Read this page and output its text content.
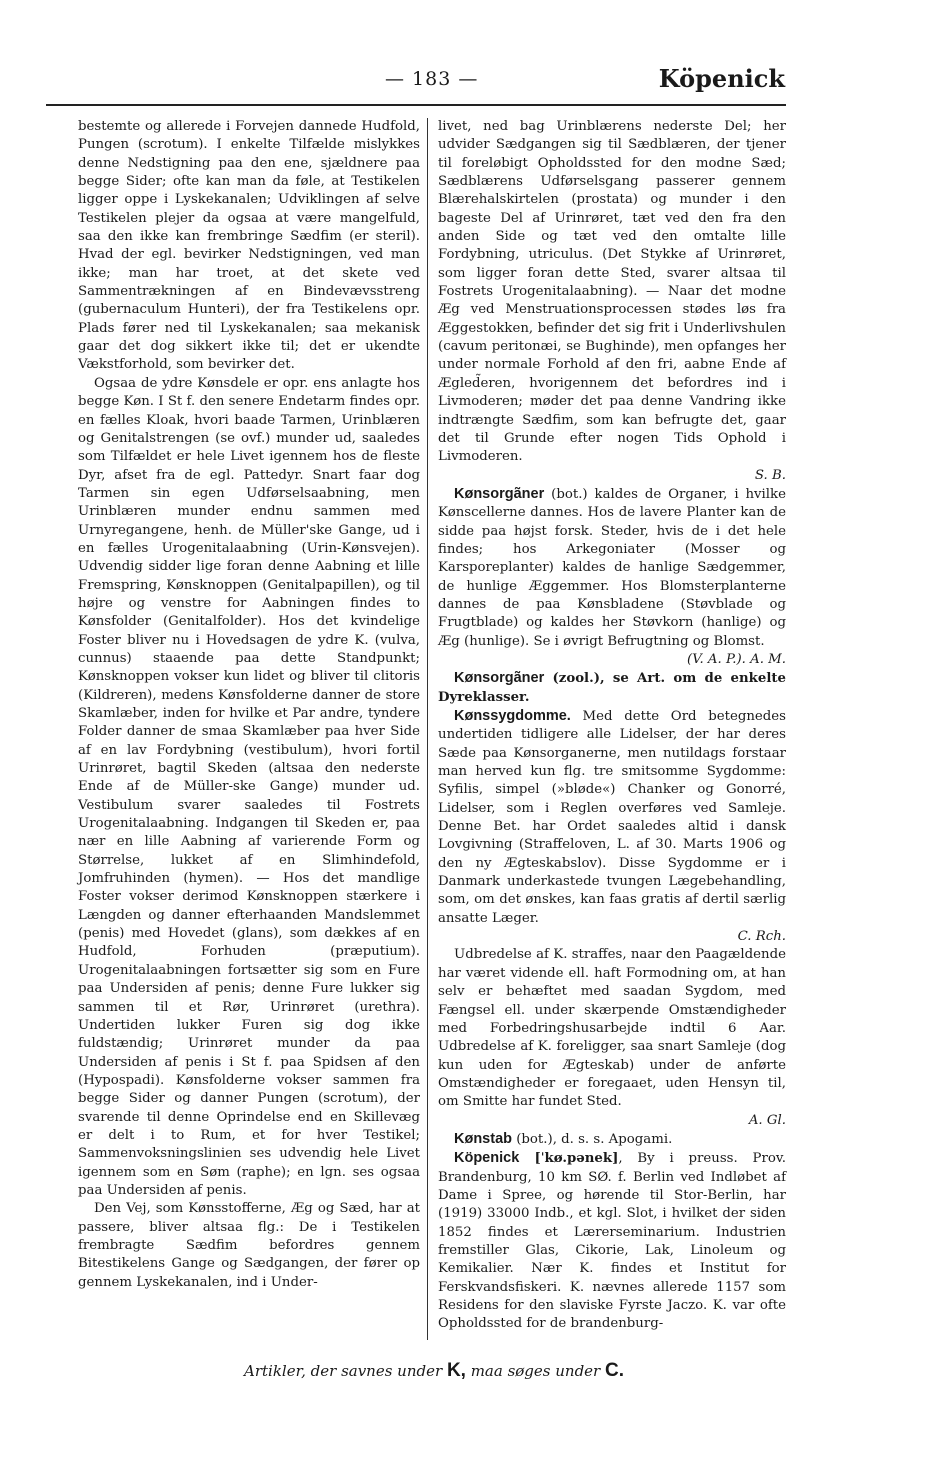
— 183 —	Köpenick

bestemte og allerede i Forvejen dannede Hudfold, Pungen (scrotum). I enkelte Tilfælde mislykkes denne Nedstigning paa den ene, sjældnere paa begge Sider; ofte kan man da føle, at Testikelen ligger oppe i Lyskekanalen; Udviklingen af selve Testikelen plejer da ogsaa at være mangelfuld, saa den ikke kan frembringe Sædfim (er steril). Hvad der egl. bevirker Nedstigningen, ved man ikke; man har troet, at det skete ved Sammentrækningen af en Bindevævsstreng (gubernaculum Hunteri), der fra Testikelens opr. Plads fører ned til Lyskekanalen; saa mekanisk gaar det dog sikkert ikke til; det er ukendte Vækstforhold, som bevirker det.

Ogsaa de ydre Kønsdele er opr. ens anlagte hos begge Køn. I St f. den senere Endetarm findes opr. en fælles Kloak, hvori baade Tarmen, Urinblæren og Genitalstrengen (se ovf.) munder ud, saaledes som Tilfældet er hele Livet igennem hos de fleste Dyr, afset fra de egl. Pattedyr. Snart faar dog Tarmen sin egen Udførselsaabning, men Urinblæren munder endnu sammen med Urnyregangene, henh. de Müller'ske Gange, ud i en fælles Urogenitalaabning (Urin-Kønsvejen). Udvendig sidder lige foran denne Aabning et lille Fremspring, Kønsknoppen (Genitalpapillen), og til højre og venstre for Aabningen findes to Kønsfolder (Genitalfolder). Hos det kvindelige Foster bliver nu i Hovedsagen de ydre K. (vulva, cunnus) staaende paa dette Standpunkt; Kønsknoppen vokser kun lidet og bliver til clitoris (Kildreren), medens Kønsfolderne danner de store Skamlæber, inden for hvilke et Par andre, tyndere Folder danner de smaa Skamlæber paa hver Side af en lav Fordybning (vestibulum), hvori fortil Urinrøret, bagtil Skeden (altsaa den nederste Ende af de Müller-ske Gange) munder ud. Vestibulum svarer saaledes til Fostrets Urogenitalaabning. Indgangen til Skeden er, paa nær en lille Aabning af varierende Form og Størrelse, lukket af en Slimhindefold, Jomfruhinden (hymen). — Hos det mandlige Foster vokser derimod Kønsknoppen stærkere i Længden og danner efterhaanden Mandslemmet (penis) med Hovedet (glans), som dækkes af en Hudfold, Forhuden (præputium). Urogenitalaabningen fortsætter sig som en Fure paa Undersiden af penis; denne Fure lukker sig sammen til et Rør, Urinrøret (urethra). Undertiden lukker Furen sig dog ikke fuldstændig; Urinrøret munder da paa Undersiden af penis i St f. paa Spidsen af den (Hypospadi). Kønsfolderne vokser sammen fra begge Sider og danner Pungen (scrotum), der svarende til denne Oprindelse end en Skillevæg er delt i to Rum, et for hver Testikel; Sammenvoksningslinien ses udvendig hele Livet igennem som en Søm (raphe); en lgn. ses ogsaa paa Undersiden af penis.

Den Vej, som Kønsstofferne, Æg og Sæd, har at passere, bliver altsaa flg.: De i Testikelen frembragte Sædfim befordres gennem Bitestikelens Gange og Sædgangen, der fører op gennem Lyskekanalen, ind i Under-

livet, ned bag Urinblærens nederste Del; her udvider Sædgangen sig til Sædblæren, der tjener til foreløbigt Opholdssted for den modne Sæd; Sædblærens Udførselsgang passerer gennem Blærehalskirtelen (prostata) og munder i den bageste Del af Urinrøret, tæt ved den fra den anden Side og tæt ved den omtalte lille Fordybning, utriculus. (Det Stykke af Urinrøret, som ligger foran dette Sted, svarer altsaa til Fostrets Urogenitalaabning). — Naar det modne Æg ved Menstruationsprocessen stødes løs fra Æggestokken, befinder det sig frit i Underlivshulen (cavum peritonæi, se Bughinde), men opfanges her under normale Forhold af den fri, aabne Ende af Ægled̃eren, hvorigennem det befordres ind i Livmoderen; møder det paa denne Vandring ikke indtrængte Sædfim, som kan befrugte det, gaar det til Grunde efter nogen Tids Ophold i Livmoderen.

S. B.

Kønsorgãner (bot.) kaldes de Organer, i hvilke Kønscellerne dannes. Hos de lavere Planter kan de sidde paa højst forsk. Steder, hvis de i det hele findes; hos Arkegoniater (Mosser og Karsporeplanter) kaldes de hanlige Sædgemmer, de hunlige Æggemmer. Hos Blomsterplanterne dannes de paa Kønsbladene (Støvblade og Frugtblade) og kaldes her Støvkorn (hanlige) og Æg (hunlige). Se i øvrigt Befrugtning og Blomst.

(V. A. P.). A. M.

Kønsorgãner (zool.), se Art. om de enkelte Dyreklasser.

Kønssygdomme. Med dette Ord betegnedes undertiden tidligere alle Lidelser, der har deres Sæde paa Kønsorganerne, men nutildags forstaar man herved kun flg. tre smitsomme Sygdomme: Syfilis, simpel (»bløde«) Chanker og Gonorré, Lidelser, som i Reglen overføres ved Samleje. Denne Bet. har Ordet saaledes altid i dansk Lovgivning (Straffeloven, L. af 30. Marts 1906 og den ny Ægteskabslov). Disse Sygdomme er i Danmark underkastede tvungen Lægebehandling, som, om det ønskes, kan faas gratis af dertil særlig ansatte Læger.

C. Rch.

Udbredelse af K. straffes, naar den Paagældende har været vidende ell. haft Formodning om, at han selv er behæftet med saadan Sygdom, med Fængsel ell. under skærpende Omstændigheder med Forbedringshusarbejde indtil 6 Aar. Udbredelse af K. foreligger, saa snart Samleje (dog kun uden for Ægteskab) under de anførte Omstændigheder er foregaaet, uden Hensyn til, om Smitte har fundet Sted.

A. Gl.

Kønstab (bot.), d. s. s. Apogami.

Köpenick [ˈkø.pənek], By i preuss. Prov. Brandenburg, 10 km SØ. f. Berlin ved Indløbet af Dame i Spree, og hørende til Stor-Berlin, har (1919) 33000 Indb., et kgl. Slot, i hvilket der siden 1852 findes et Lærerseminarium. Industrien fremstiller Glas, Cikorie, Lak, Linoleum og Kemikalier. Nær K. findes et Institut for Ferskvandsfiskeri. K. nævnes allerede 1157 som Residens for den slaviske Fyrste Jaczo. K. var ofte Opholdssted for de brandenburg-

Artikler, der savnes under K, maa søges under C.
